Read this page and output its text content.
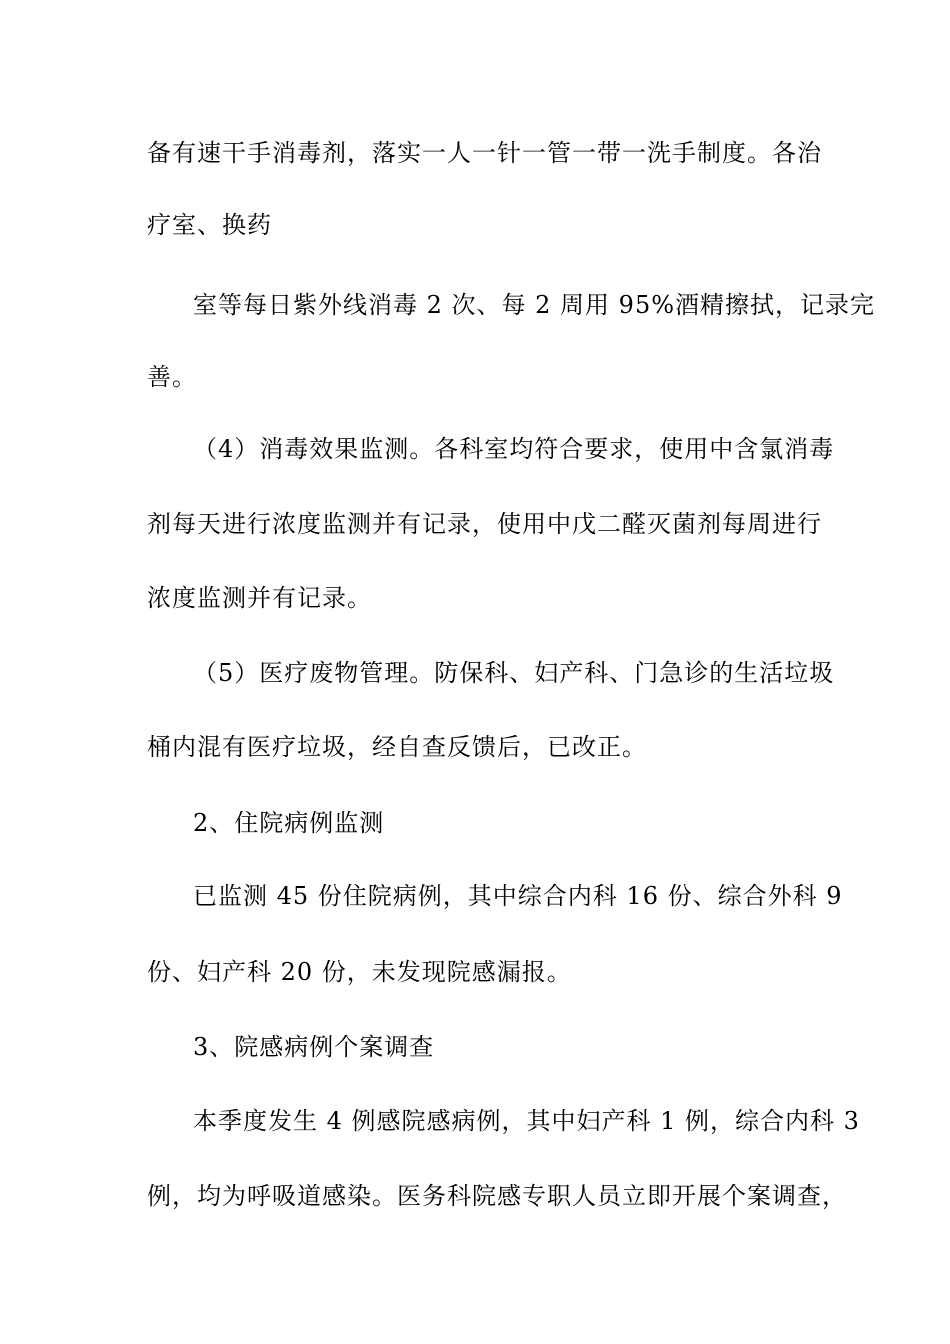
备有速干手消毒剂，落实一人一针一管一带一洗手制度。各治
疗室、换药
室等每日紫外线消毒 2 次、每 2 周用 95%酒精擦拭，记录完
善。
（4）消毒效果监测。各科室均符合要求，使用中含氯消毒
剂每天进行浓度监测并有记录，使用中戊二醛灭菌剂每周进行
浓度监测并有记录。
（5）医疗废物管理。防保科、妇产科、门急诊的生活垃圾
桶内混有医疗垃圾，经自查反馈后，已改正。
2、住院病例监测
已监测 45 份住院病例，其中综合内科 16 份、综合外科 9
份、妇产科 20 份，未发现院感漏报。
3、院感病例个案调查
本季度发生 4 例感院感病例，其中妇产科 1 例，综合内科 3
例，均为呼吸道感染。医务科院感专职人员立即开展个案调查，
